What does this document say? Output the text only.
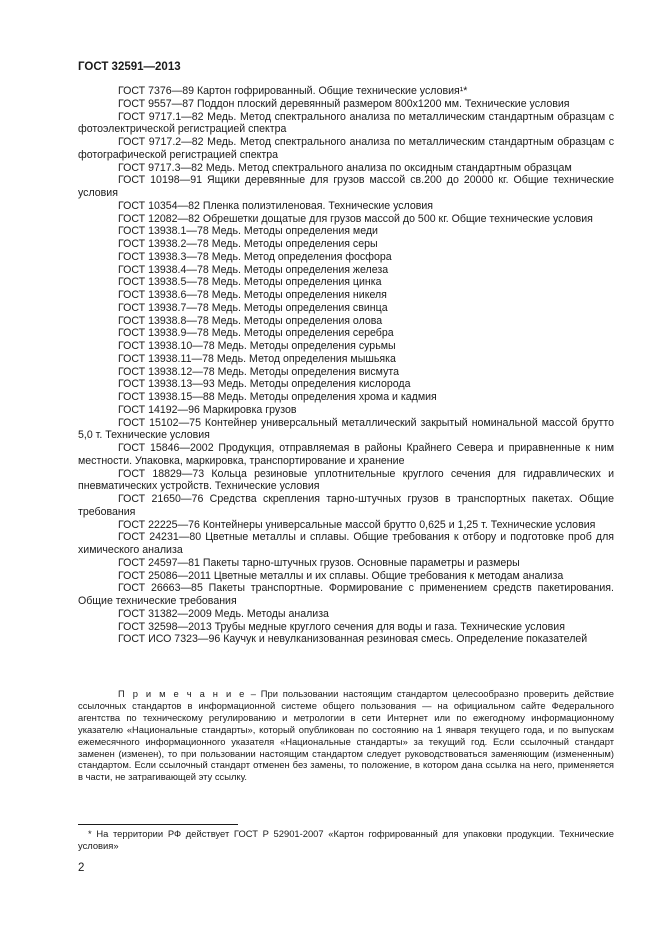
ГОСТ 32591—2013

ГОСТ 7376—89 Картон гофрированный. Общие технические условия¹*

ГОСТ 9557—87 Поддон плоский деревянный размером 800х1200 мм. Технические условия

ГОСТ 9717.1—82 Медь. Метод спектрального анализа по металлическим стандартным образцам с фотоэлектрической регистрацией спектра

ГОСТ 9717.2—82 Медь. Метод спектрального анализа по металлическим стандартным образцам с фотографической регистрацией спектра

ГОСТ 9717.3—82 Медь. Метод спектрального анализа по оксидным стандартным образцам

ГОСТ 10198—91 Ящики деревянные для грузов массой св.200 до 20000 кг. Общие технические условия

ГОСТ 10354—82 Пленка полиэтиленовая. Технические условия

ГОСТ 12082—82 Обрешетки дощатые для грузов массой до 500 кг. Общие технические условия

ГОСТ 13938.1—78 Медь. Методы определения меди

ГОСТ 13938.2—78 Медь. Методы определения серы

ГОСТ 13938.3—78 Медь. Метод определения фосфора

ГОСТ 13938.4—78 Медь. Методы определения железа

ГОСТ 13938.5—78 Медь. Методы определения цинка

ГОСТ 13938.6—78 Медь. Методы определения никеля

ГОСТ 13938.7—78 Медь. Методы определения свинца

ГОСТ 13938.8—78 Медь. Методы определения олова

ГОСТ 13938.9—78 Медь. Методы определения серебра

ГОСТ 13938.10—78 Медь. Методы определения сурьмы

ГОСТ 13938.11—78 Медь. Метод определения мышьяка

ГОСТ 13938.12—78 Медь. Методы определения висмута

ГОСТ 13938.13—93 Медь. Методы определения кислорода

ГОСТ 13938.15—88 Медь. Методы определения хрома и кадмия

ГОСТ 14192—96 Маркировка грузов

ГОСТ 15102—75 Контейнер универсальный металлический закрытый номинальной массой брутто 5,0 т. Технические условия

ГОСТ 15846—2002 Продукция, отправляемая в районы Крайнего Севера и приравненные к ним местности. Упаковка, маркировка, транспортирование и хранение

ГОСТ 18829—73 Кольца резиновые уплотнительные круглого сечения для гидравлических и пневматических устройств. Технические условия

ГОСТ 21650—76 Средства скрепления тарно-штучных грузов в транспортных пакетах. Общие требования

ГОСТ 22225—76 Контейнеры универсальные массой брутто 0,625 и 1,25 т. Технические условия

ГОСТ 24231—80 Цветные металлы и сплавы. Общие требования к отбору и подготовке проб для химического анализа

ГОСТ 24597—81 Пакеты тарно-штучных грузов. Основные параметры и размеры

ГОСТ 25086—2011 Цветные металлы и их сплавы. Общие требования к методам анализа

ГОСТ 26663—85 Пакеты транспортные. Формирование с применением средств пакетирования. Общие технические требования

ГОСТ 31382—2009 Медь. Методы анализа

ГОСТ 32598—2013 Трубы медные круглого сечения для воды и газа. Технические условия

ГОСТ ИСО 7323—96 Каучук и невулканизованная резиновая смесь. Определение показателей

П р и м е ч а н и е – При пользовании настоящим стандартом целесообразно проверить действие ссылочных стандартов в информационной системе общего пользования — на официальном сайте Федерального агентства по техническому регулированию и метрологии в сети Интернет или по ежегодному информационному указателю «Национальные стандарты», который опубликован по состоянию на 1 января текущего года, и по выпускам ежемесячного информационного указателя «Национальные стандарты» за текущий год. Если ссылочный стандарт заменен (изменен), то при пользовании настоящим стандартом следует руководствоваться заменяющим (измененным) стандартом. Если ссылочный стандарт отменен без замены, то положение, в котором дана ссылка на него, применяется в части, не затрагивающей эту ссылку.

* На территории РФ действует ГОСТ Р 52901-2007 «Картон гофрированный для упаковки продукции. Технические условия»

2
